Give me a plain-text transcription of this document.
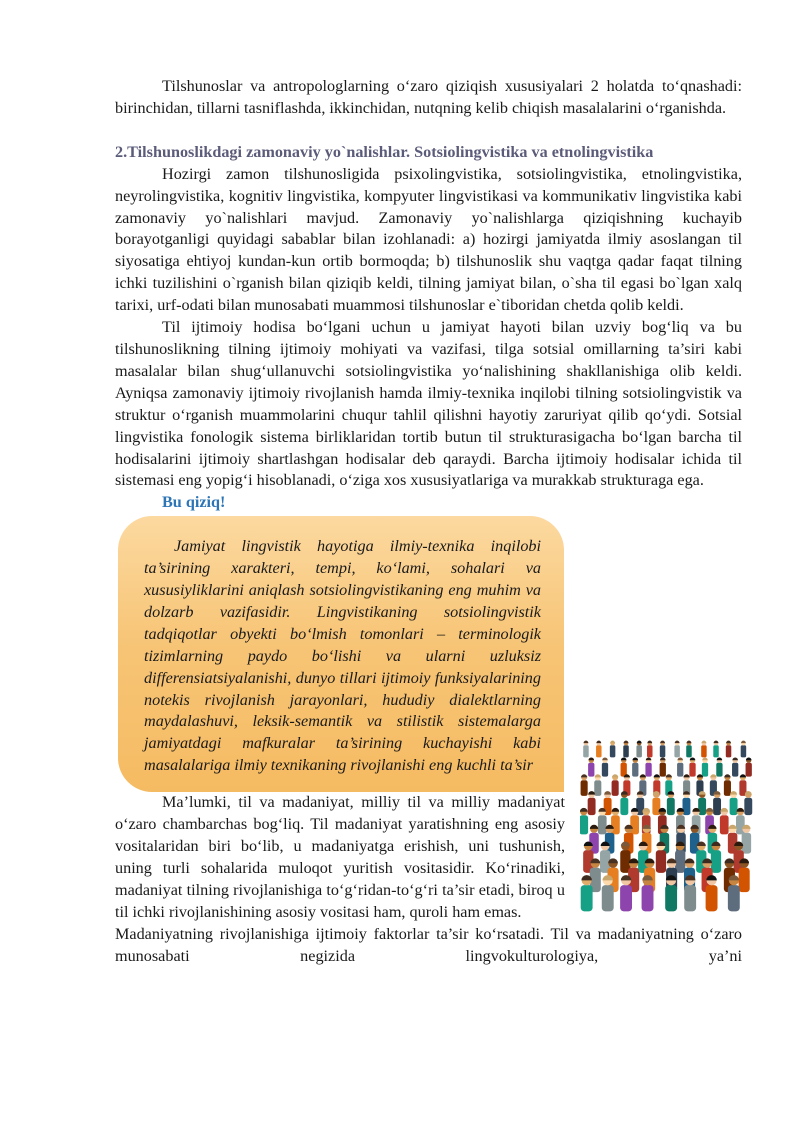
Tilshunoslar va antropologlarning o‘zaro qiziqish xususiyalari 2 holatda to‘qnashadi: birinchidan, tillarni tasniflashda, ikkinchidan, nutqning kelib chiqish masalalarini o‘rganishda.

2.Tilshunoslikdagi zamonaviy yo`nalishlar. Sotsiolingvistika va etnolingvistika

Hozirgi zamon tilshunosligida psixolingvistika, sotsiolingvistika, etnolingvistika, neyrolingvistika, kognitiv lingvistika, kompyuter lingvistikasi va kommunikativ lingvistika kabi zamonaviy yo`nalishlari mavjud. Zamonaviy yo`nalishlarga qiziqishning kuchayib borayotganligi quyidagi sabablar bilan izohlanadi: a) hozirgi jamiyatda ilmiy asoslangan til siyosatiga ehtiyoj kundan-kun ortib bormoqda; b) tilshunoslik shu vaqtga qadar faqat tilning ichki tuzilishini o`rganish bilan qiziqib keldi, tilning jamiyat bilan, o`sha til egasi bo`lgan xalq tarixi, urf-odati bilan munosabati muammosi tilshunoslar e`tiboridan chetda qolib keldi.

Til ijtimoiy hodisa bo‘lgani uchun u jamiyat hayoti bilan uzviy bog‘liq va bu tilshunoslikning tilning ijtimoiy mohiyati va vazifasi, tilga sotsial omillarning ta’siri kabi masalalar bilan shug‘ullanuvchi sotsiolingvistika yo‘nalishining shakllanishiga olib keldi. Ayniqsa zamonaviy ijtimoiy rivojlanish hamda ilmiy-texnika inqilobi tilning sotsiolingvistik va struktur o‘rganish muammolarini chuqur tahlil qilishni hayotiy zaruriyat qilib qo‘ydi. Sotsial lingvistika fonologik sistema birliklaridan tortib butun til strukturasigacha bo‘lgan barcha til hodisalarini ijtimoiy shartlashgan hodisalar deb qaraydi. Barcha ijtimoiy hodisalar ichida til sistemasi eng yopig‘i hisoblanadi, o‘ziga xos xususiyatlariga va murakkab strukturaga ega.

Bu qiziq!

Jamiyat lingvistik hayotiga ilmiy-texnika inqilobi ta’sirining xarakteri, tempi, ko‘lami, sohalari va xususiyliklarini aniqlash sotsiolingvistikaning eng muhim va dolzarb vazifasidir. Lingvistikaning sotsiolingvistik tadqiqotlar obyekti bo‘lmish tomonlari – terminologik tizimlarning paydo bo‘lishi va ularni uzluksiz differensiatsiyalanishi, dunyo tillari ijtimoiy funksiyalarining notekis rivojlanish jarayonlari, hududiy dialektlarning maydalashuvi, leksik-semantik va stilistik sistemalarga jamiyatdagi mafkuralar ta’sirining kuchayishi kabi masalalariga ilmiy texnikaning rivojlanishi eng kuchli ta’sir

Ma’lumki, til va madaniyat, milliy til va milliy madaniyat o‘zaro chambarchas bog‘liq. Til madaniyat yaratishning eng asosiy vositalaridan biri bo‘lib, u madaniyatga erishish, uni tushunish, uning turli sohalarida muloqot yuritish vositasidir. Ko‘rinadiki, madaniyat tilning rivojlanishiga to‘g‘ridan-to‘g‘ri ta’sir etadi, biroq u til ichki rivojlanishining asosiy vositasi ham, quroli ham emas.

Madaniyatning rivojlanishiga ijtimoiy faktorlar ta’sir ko‘rsatadi. Til va madaniyatning o‘zaro munosabati negizida lingvokulturologiya, ya’ni
